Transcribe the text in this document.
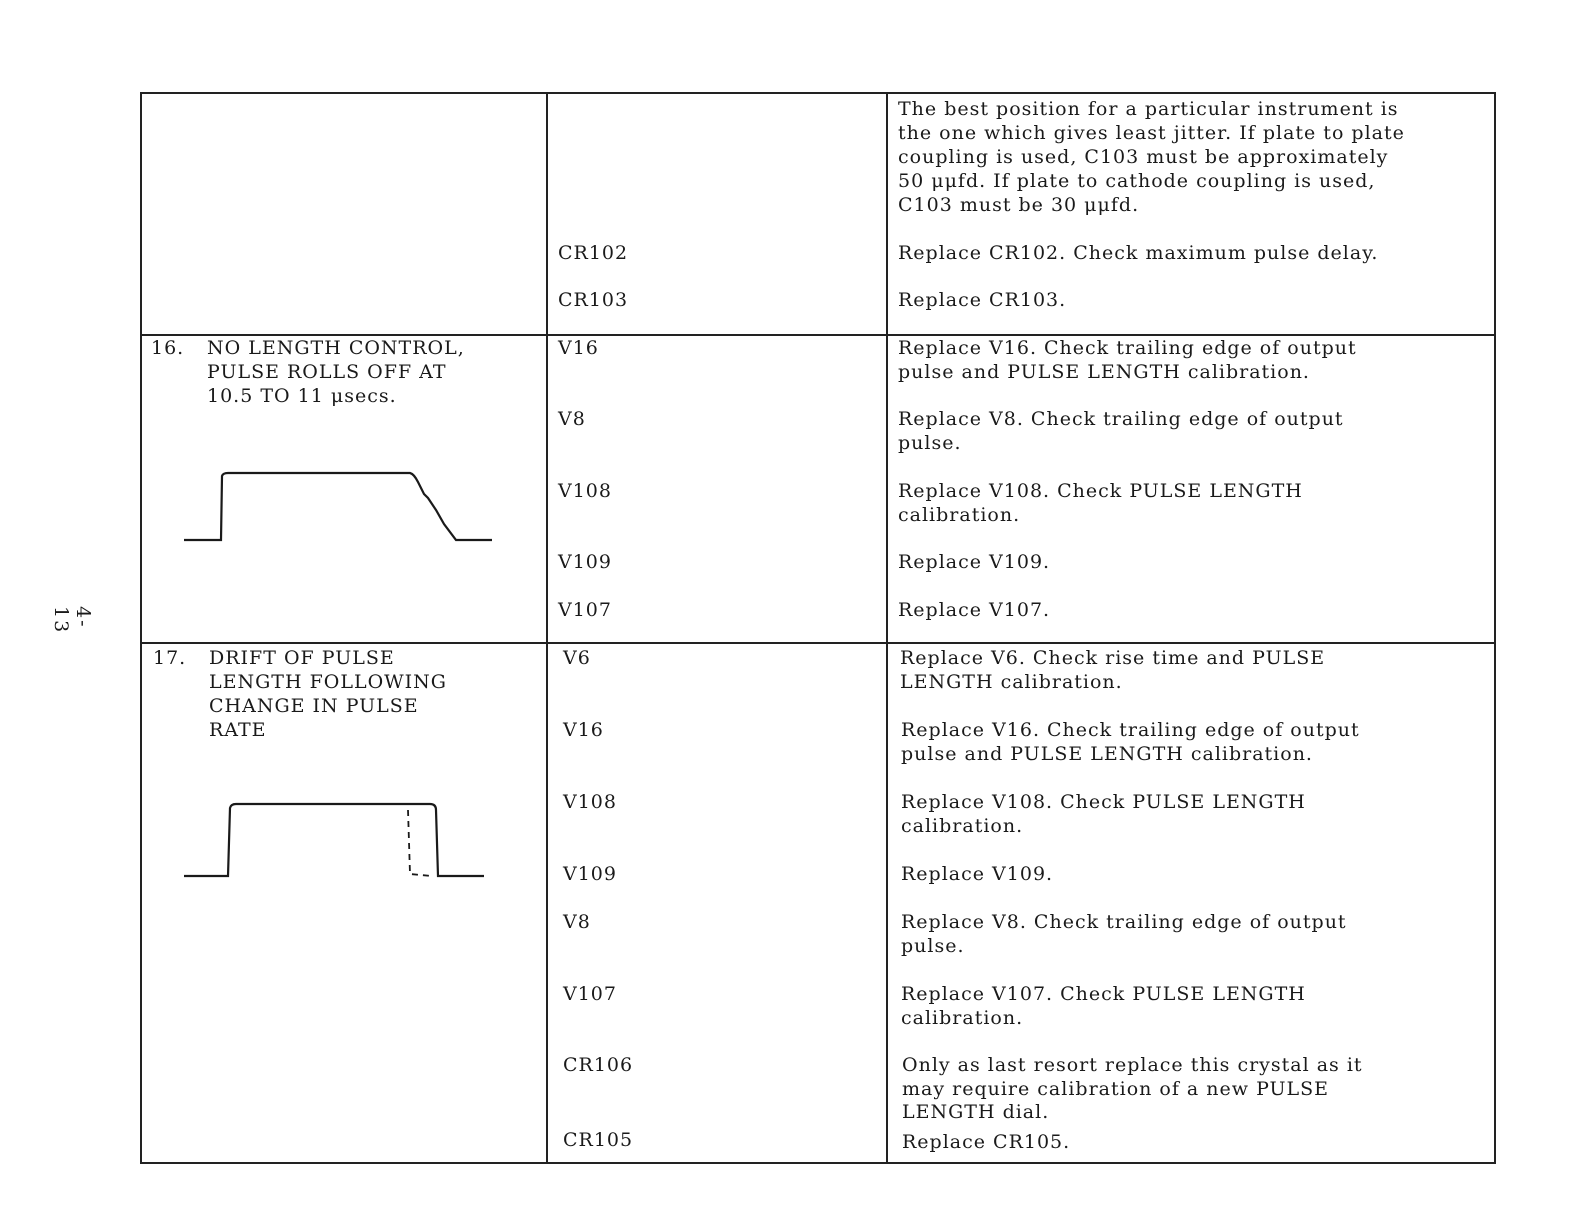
4-13

The best position for a particular instrument is

the one which gives least jitter. If plate to plate

coupling is used, C103 must be approximately

50 μμfd. If plate to cathode coupling is used,

C103 must be 30 μμfd.

CR102	Replace CR102. Check maximum pulse delay.

CR103	Replace CR103.

16. NO LENGTH CONTROL,

PULSE ROLLS OFF AT

10.5 TO 11 μsecs.

V16	Replace V16. Check trailing edge of output

pulse and PULSE LENGTH calibration.

V8	Replace V8. Check trailing edge of output

pulse.

V108	Replace V108. Check PULSE LENGTH

calibration.

V109	Replace V109.

V107	Replace V107.

17. DRIFT OF PULSE

LENGTH FOLLOWING

CHANGE IN PULSE

RATE

V6	Replace V6. Check rise time and PULSE

LENGTH calibration.

V16	Replace V16. Check trailing edge of output

pulse and PULSE LENGTH calibration.

V108	Replace V108. Check PULSE LENGTH

calibration.

V109	Replace V109.

V8	Replace V8. Check trailing edge of output

pulse.

V107	Replace V107. Check PULSE LENGTH

calibration.

CR106	Only as last resort replace this crystal as it

may require calibration of a new PULSE

LENGTH dial.

CR105	Replace CR105.
